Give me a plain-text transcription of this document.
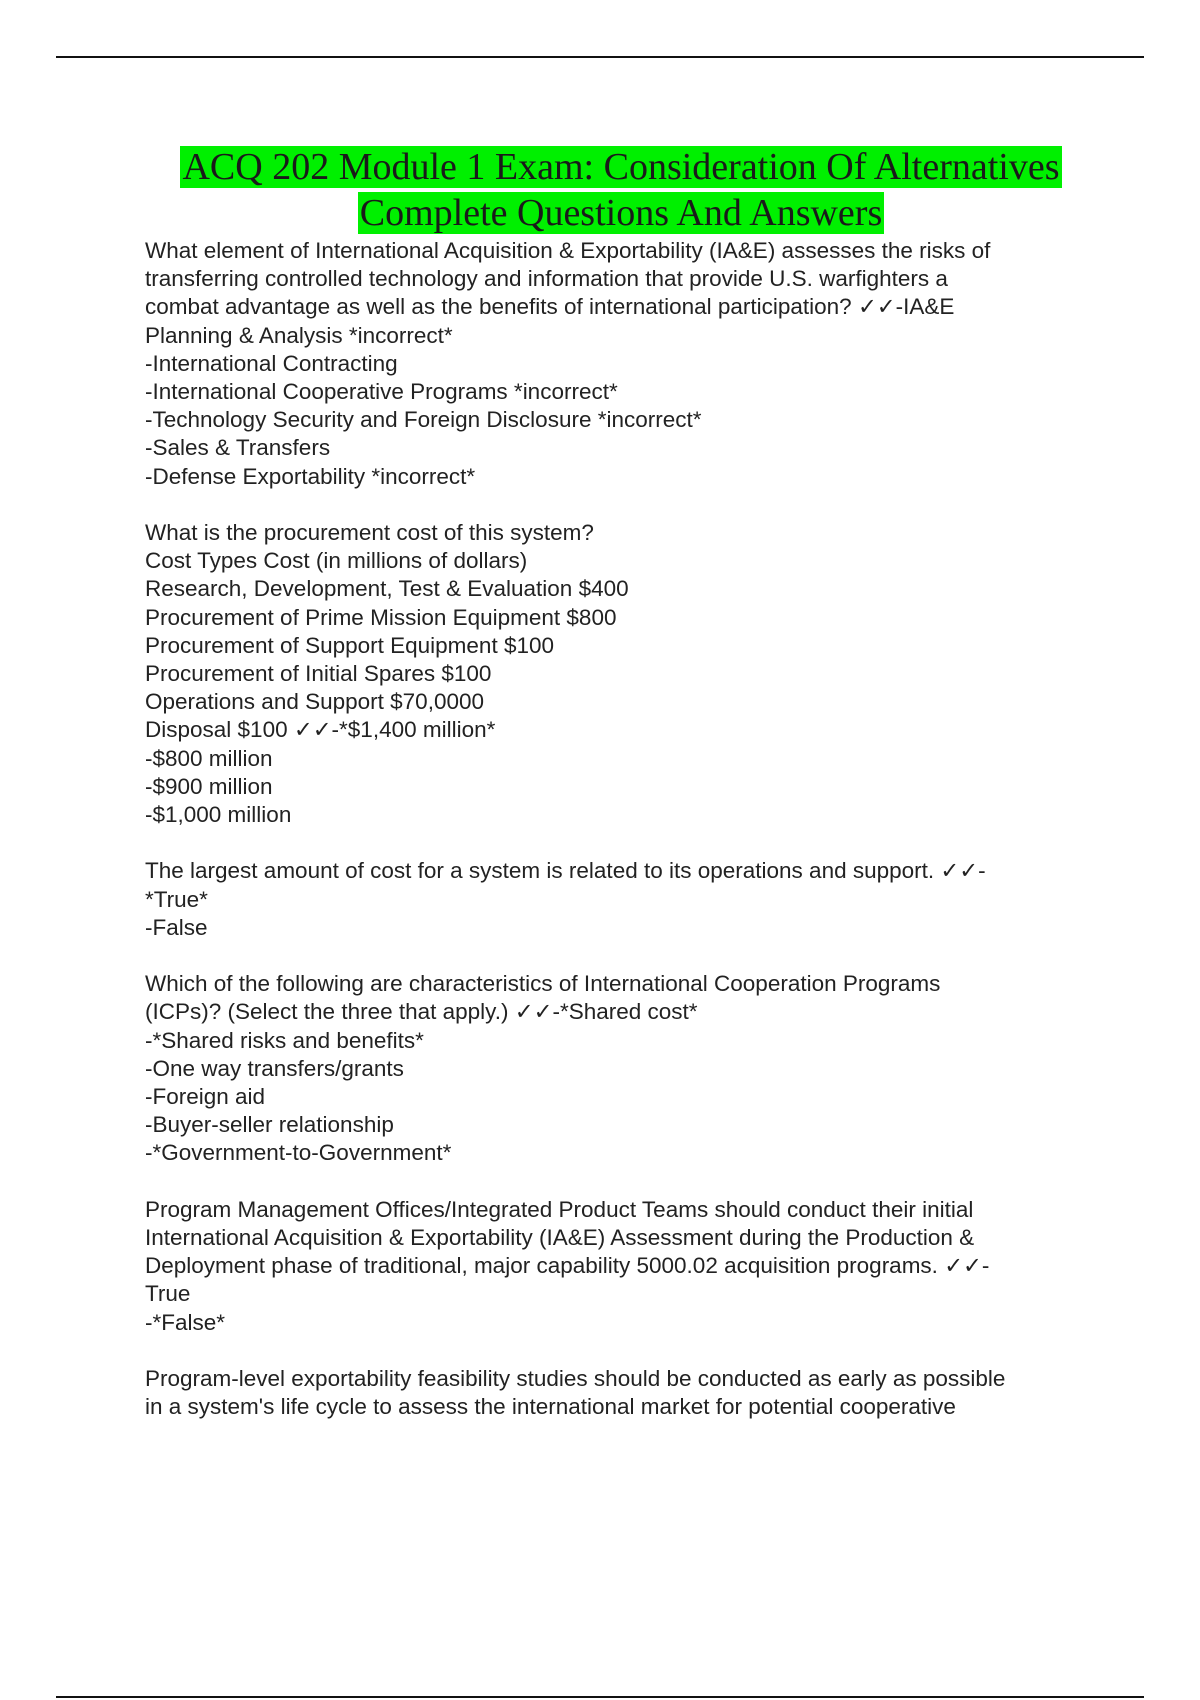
ACQ 202 Module 1 Exam: Consideration Of Alternatives
Complete Questions And Answers
What element of International Acquisition & Exportability (IA&E) assesses the risks of
transferring controlled technology and information that provide U.S. warfighters a
combat advantage as well as the benefits of international participation? ✓✓-IA&E
Planning & Analysis *incorrect*
-International Contracting
-International Cooperative Programs *incorrect*
-Technology Security and Foreign Disclosure *incorrect*
-Sales & Transfers
-Defense Exportability *incorrect*
What is the procurement cost of this system?
Cost Types Cost (in millions of dollars)
Research, Development, Test & Evaluation $400
Procurement of Prime Mission Equipment $800
Procurement of Support Equipment $100
Procurement of Initial Spares $100
Operations and Support $70,0000
Disposal $100 ✓✓-*$1,400 million*
-$800 million
-$900 million
-$1,000 million
The largest amount of cost for a system is related to its operations and support. ✓✓-
*True*
-False
Which of the following are characteristics of International Cooperation Programs
(ICPs)? (Select the three that apply.) ✓✓-*Shared cost*
-*Shared risks and benefits*
-One way transfers/grants
-Foreign aid
-Buyer-seller relationship
-*Government-to-Government*
Program Management Offices/Integrated Product Teams should conduct their initial
International Acquisition & Exportability (IA&E) Assessment during the Production &
Deployment phase of traditional, major capability 5000.02 acquisition programs. ✓✓-
True
-*False*
Program-level exportability feasibility studies should be conducted as early as possible
in a system's life cycle to assess the international market for potential cooperative
